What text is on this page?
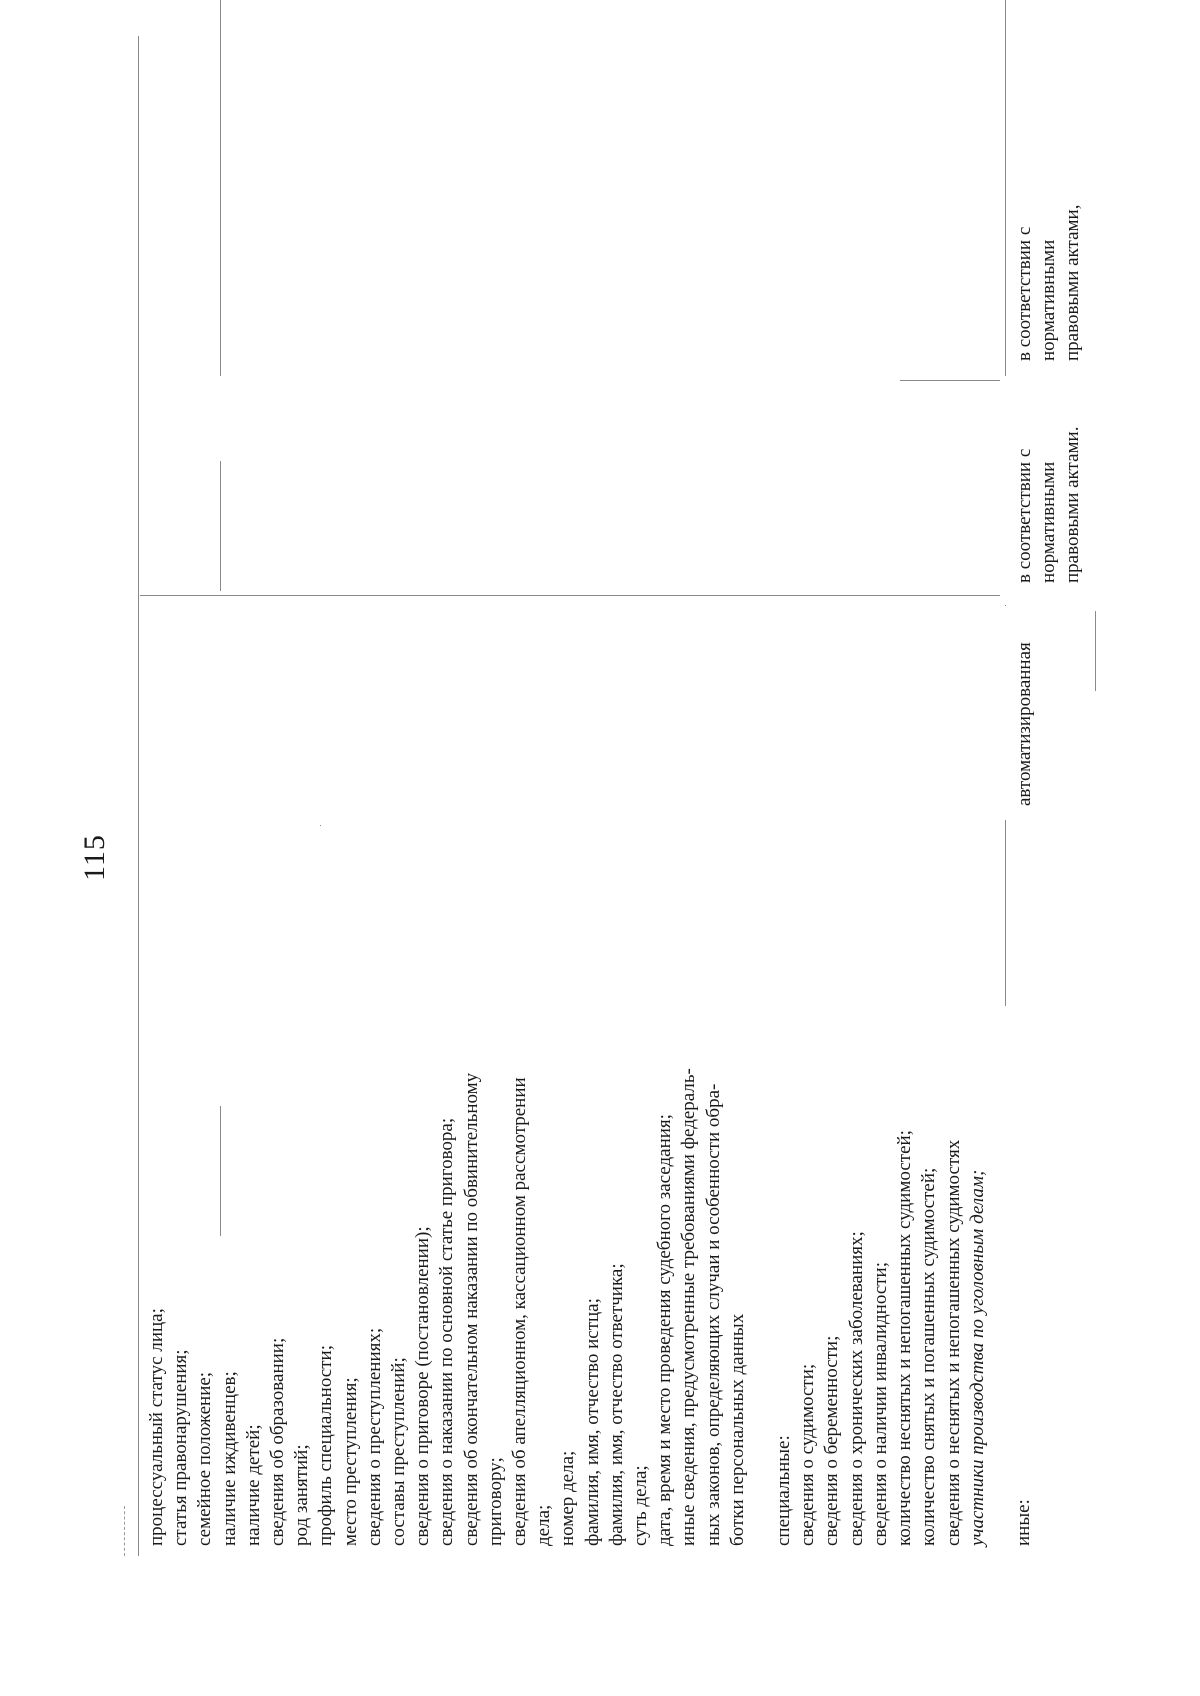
115
процессуальный статус лица; статья правонарушения; семейное положение; наличие иждивенцев; наличие детей; сведения об образовании; род занятий; профиль специальности; место преступления; сведения о преступлениях; составы преступлений; сведения о приговоре (постановлении); сведения о наказании по основной статье приговора; сведения об окончательном наказании по обвинительному приговору; сведения об апелляционном, кассационном рассмотрении дела; номер дела; фамилия, имя, отчество истца; фамилия, имя, отчество ответчика; суть дела; дата, время и место проведения судебного заседания; иные сведения, предусмотренные требованиями федераль- ных законов, определяющих случаи и особенности обра- ботки персональных данных специальные: сведения о судимости; сведения о беременности; сведения о хронических заболеваниях; сведения о наличии инвалидности; количество неснятых и непогашенных судимостей; количество снятых и погашенных судимостей; сведения о неснятых и непогашенных судимостях участники производства по уголовным делам; иные:
автоматизированная
в соответствии с нормативными правовыми актами.
в соответствии с нормативными правовыми актами,
